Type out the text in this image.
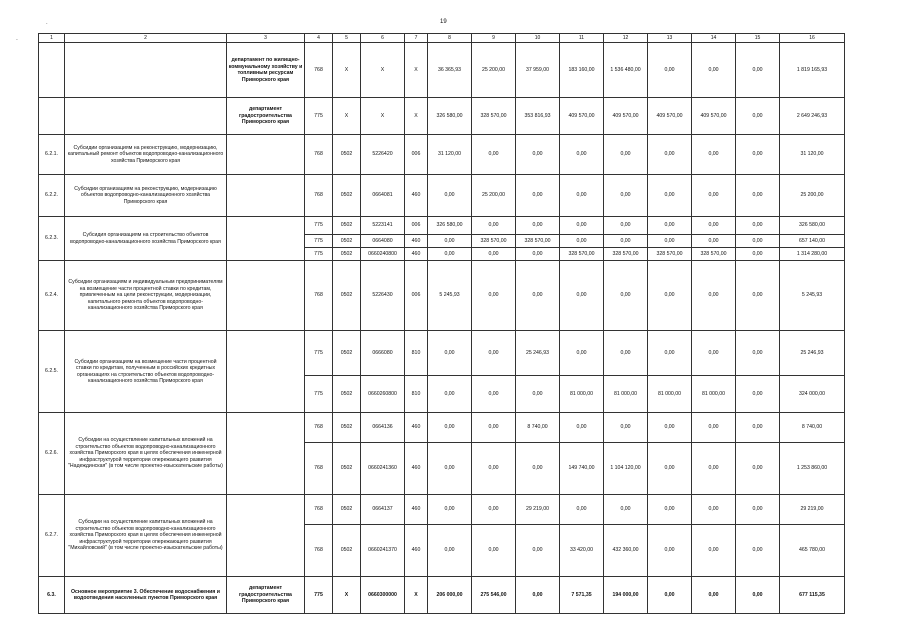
19
.
`
1	2	3	4	5	6	7	8	9	10	11	12	13	14	15	16
		департамент по жилищно-коммунальному хозяйству и топливным ресурсам Приморского края	768	X	X	X	36 365,93	25 200,00	37 959,00	183 160,00	1 536 480,00	0,00	0,00	0,00	1 819 165,93
		департамент градостроительства Приморского края	775	X	X	X	326 580,00	328 570,00	353 816,93	409 570,00	409 570,00	409 570,00	409 570,00	0,00	2 649 246,93
6.2.1.	Субсидии организациям на реконструкцию, модернизацию, капитальный ремонт объектов водопроводно-канализационного хозяйства Приморского края		768	0502	5226420	006	31 120,00	0,00	0,00	0,00	0,00	0,00	0,00	0,00	31 120,00
6.2.2.	Субсидии организациям на реконструкцию, модернизацию объектов водопроводно-канализационного хозяйства Приморского края		768	0502	0664081	460	0,00	25 200,00	0,00	0,00	0,00	0,00	0,00	0,00	25 200,00
6.2.3.	Субсидия организациям на строительство объектов водопроводно-канализационного хозяйства Приморского края		775	0502	5223141	006	326 580,00	0,00	0,00	0,00	0,00	0,00	0,00	0,00	326 580,00
			775	0502	0664080	460	0,00	328 570,00	328 570,00	0,00	0,00	0,00	0,00	0,00	657 140,00
			775	0502	0660240800	460	0,00	0,00	0,00	328 570,00	328 570,00	328 570,00	328 570,00	0,00	1 314 280,00
6.2.4.	Субсидии организациям и индивидуальным предпринимателям на возмещение части процентной ставки по кредитам, привлеченным на цели реконструкции, модернизации, капитального ремонта объектов водопроводно-канализационного хозяйства Приморского края		768	0502	5226430	006	5 245,93	0,00	0,00	0,00	0,00	0,00	0,00	0,00	5 245,93
6.2.5.	Субсидии организациям на возмещение части процентной ставки по кредитам, полученным в российских кредитных организациях на строительство объектов водопроводно-канализационного хозяйства Приморского края		775	0502	0666080	810	0,00	0,00	25 246,93	0,00	0,00	0,00	0,00	0,00	25 246,93
			775	0502	0660260800	810	0,00	0,00	0,00	81 000,00	81 000,00	81 000,00	81 000,00	0,00	324 000,00
6.2.6.	Субсидии на осуществление капитальных вложений на строительство объектов водопроводно-канализационного хозяйства Приморского края в целях обеспечения инженерной инфраструктурой территории опережающего развития "Надеждинская" (в том числе проектно-изыскательские работы)		768	0502	0664136	460	0,00	0,00	8 740,00	0,00	0,00	0,00	0,00	0,00	8 740,00
			768	0502	0660241360	460	0,00	0,00	0,00	149 740,00	1 104 120,00	0,00	0,00	0,00	1 253 860,00
6.2.7.	Субсидии на осуществление капитальных вложений на строительство объектов водопроводно-канализационного хозяйства Приморского края в целях обеспечения инженерной инфраструктурой территории опережающего развития "Михайловский" (в том числе проектно-изыскательские работы)		768	0502	0664137	460	0,00	0,00	29 219,00	0,00	0,00	0,00	0,00	0,00	29 219,00
			768	0502	0660241370	460	0,00	0,00	0,00	33 420,00	432 360,00	0,00	0,00	0,00	465 780,00
6.3.	Основное мероприятие 3. Обеспечение водоснабжения и водоотведения населенных пунктов Приморского края	департамент градостроительства Приморского края	775	X	0660300000	X	206 000,00	275 546,00	0,00	7 571,35	194 000,00	0,00	0,00	0,00	677 115,35
